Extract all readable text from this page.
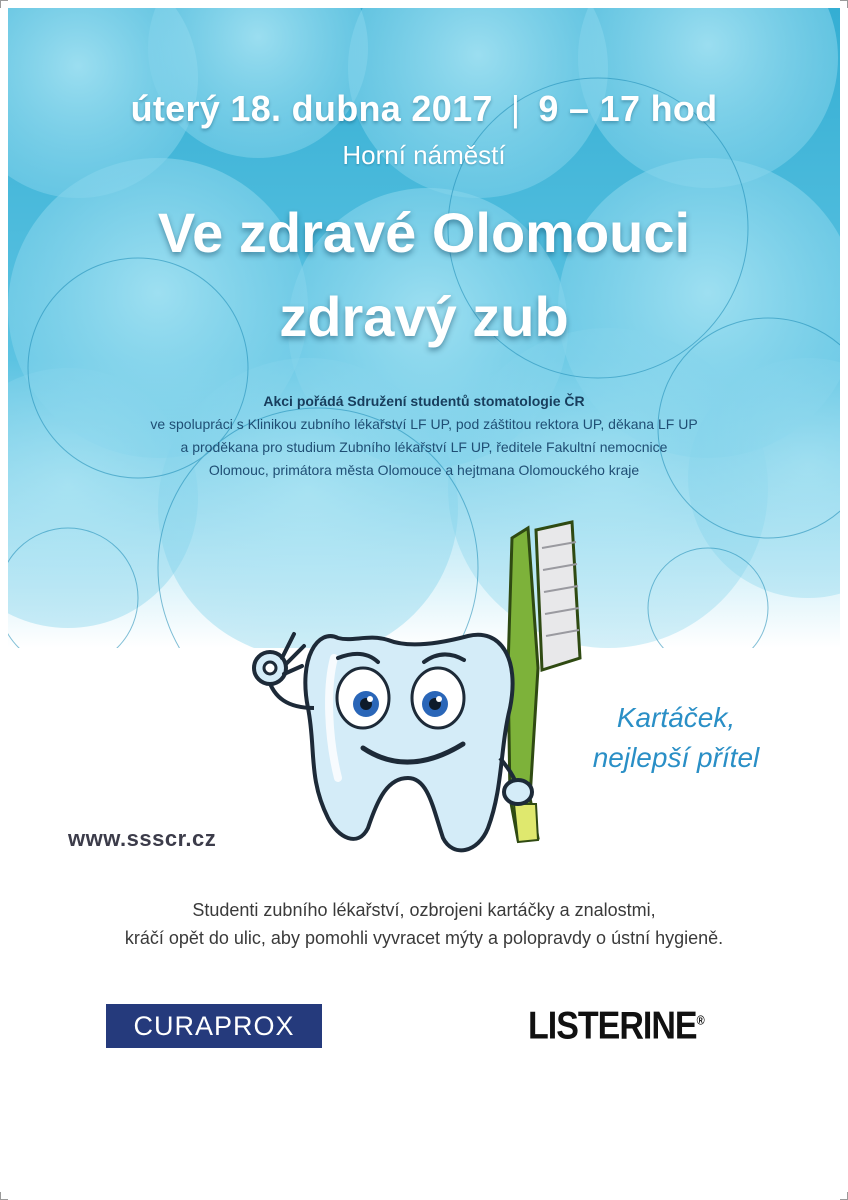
úterý 18. dubna 2017 | 9 – 17 hod
Horní náměstí
Ve zdravé Olomouci
zdravý zub
Akci pořádá Sdružení studentů stomatologie ČR
ve spolupráci s Klinikou zubního lékařství LF UP, pod záštitou rektora UP, děkana LF UP
a proděkana pro studium Zubního lékařství LF UP, ředitele Fakultní nemocnice
Olomouc, primátora města Olomouce a hejtmana Olomouckého kraje
Kartáček,
nejlepší přítel
www.ssscr.cz
Studenti zubního lékařství, ozbrojeni kartáčky a znalostmi,
kráčí opět do ulic, aby pomohli vyvracet mýty a polopravdy o ústní hygieně.
CURAPROX	LISTERINE®
